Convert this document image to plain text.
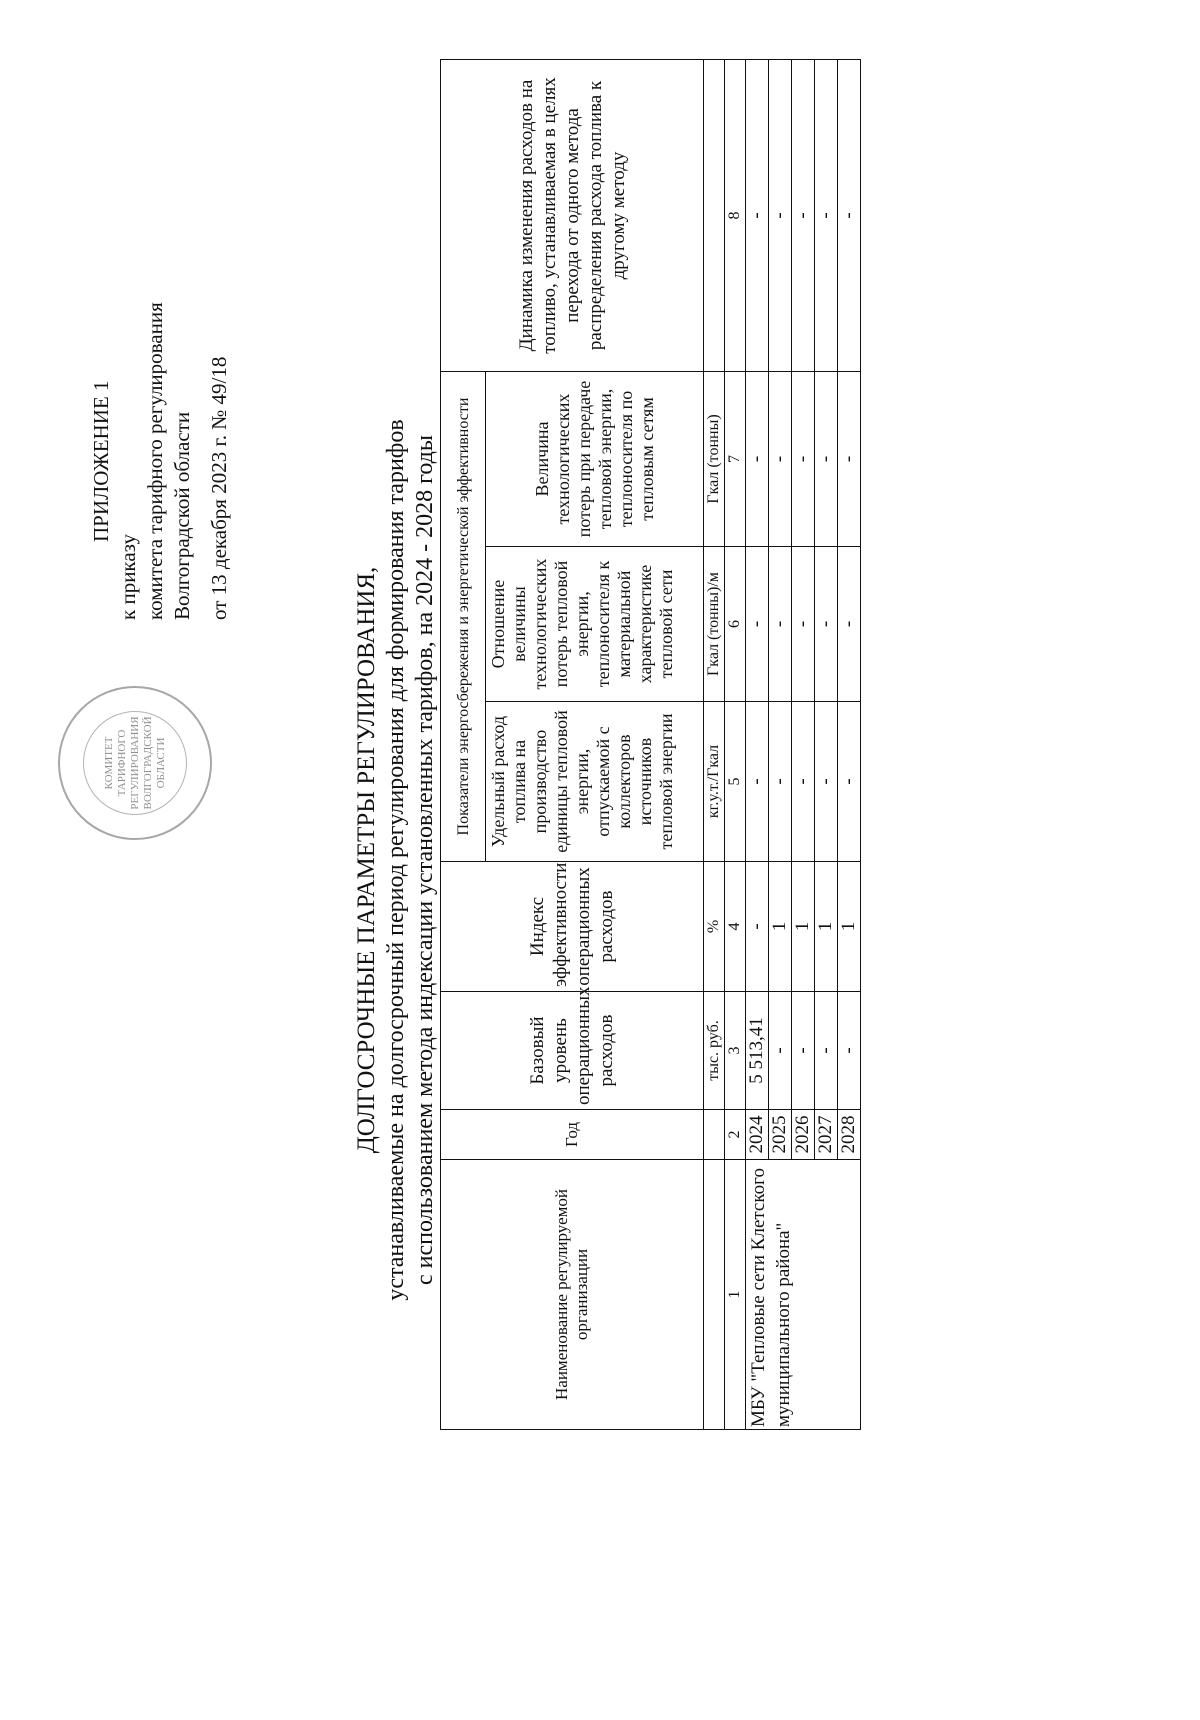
КОМИТЕТ ТАРИФНОГО РЕГУЛИРОВАНИЯ ВОЛГОГРАДСКОЙ ОБЛАСТИ
ПРИЛОЖЕНИЕ 1
к приказу комитета тарифного регулирования Волгоградской области от 13 декабря 2023 г. № 49/18
ДОЛГОСРОЧНЫЕ ПАРАМЕТРЫ РЕГУЛИРОВАНИЯ, устанавливаемые на долгосрочный период регулирования для формирования тарифов с использованием метода индексации установленных тарифов, на 2024 - 2028 годы
Наименование регулируемой организации	Год	Базовый уровень операционных расходов	Индекс эффективности операционных расходов	Показатели энергосбережения и энергетической эффективности			Динамика изменения расходов на топливо, устанавливаемая в целях перехода от одного метода распределения расхода топлива к другому методу
				Удельный расход топлива на производство единицы тепловой энергии, отпускаемой с коллекторов источников тепловой энергии	Отношение величины технологических потерь тепловой энергии, теплоносителя к материальной характеристике тепловой сети	Величина технологических потерь при передаче тепловой энергии, теплоносителя по тепловым сетям	
		тыс. руб.	%	кг.у.т./Гкал	Гкал (тонны)/м	Гкал (тонны)	
1	2	3	4	5	6	7	8
МБУ "Тепловые сети Клетского муниципального района"	2024	5 513,41	-	-	-	-	-
	2025	-	1	-	-	-	-
	2026	-	1	-	-	-	-
	2027	-	1	-	-	-	-
	2028	-	1	-	-	-	-
